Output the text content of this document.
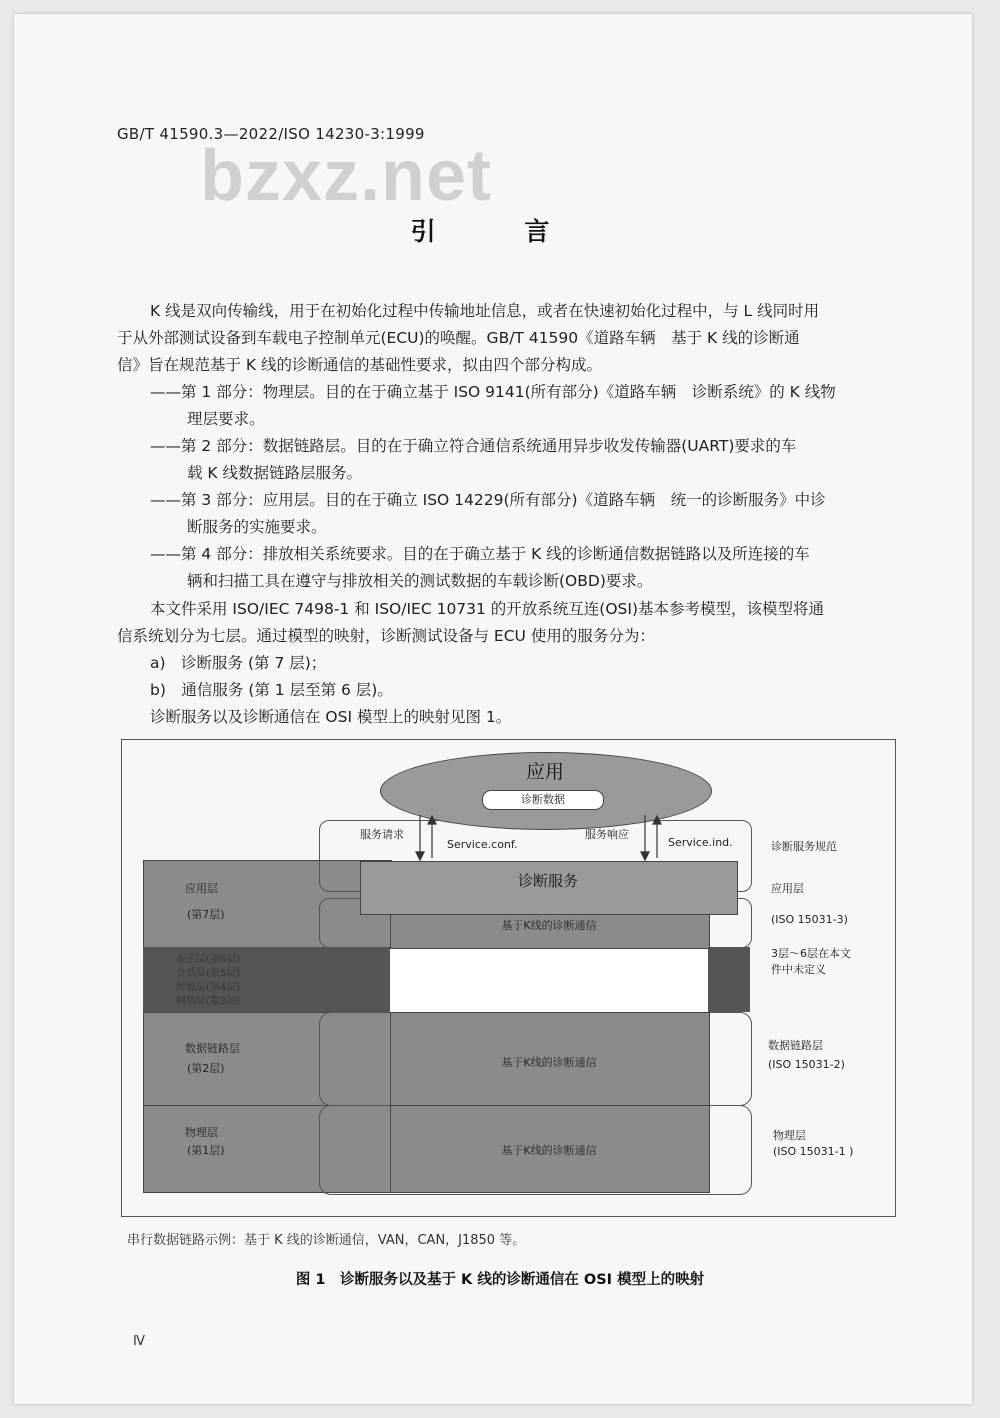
GB/T 41590.3—2022/ISO 14230-3:1999
bzxz.net
引 言
K 线是双向传输线，用于在初始化过程中传输地址信息，或者在快速初始化过程中，与 L 线同时用
于从外部测试设备到车载电子控制单元(ECU)的唤醒。GB/T 41590《道路车辆　基于 K 线的诊断通
信》旨在规范基于 K 线的诊断通信的基础性要求，拟由四个部分构成。
——第 1 部分：物理层。目的在于确立基于 ISO 9141(所有部分)《道路车辆　诊断系统》的 K 线物
理层要求。
——第 2 部分：数据链路层。目的在于确立符合通信系统通用异步收发传输器(UART)要求的车
载 K 线数据链路层服务。
——第 3 部分：应用层。目的在于确立 ISO 14229(所有部分)《道路车辆　统一的诊断服务》中诊
断服务的实施要求。
——第 4 部分：排放相关系统要求。目的在于确立基于 K 线的诊断通信数据链路以及所连接的车
辆和扫描工具在遵守与排放相关的测试数据的车载诊断(OBD)要求。
本文件采用 ISO/IEC 7498-1 和 ISO/IEC 10731 的开放系统互连(OSI)基本参考模型，该模型将通
信系统划分为七层。通过模型的映射，诊断测试设备与 ECU 使用的服务分为：
a)　诊断服务 (第 7 层)；
b)　通信服务 (第 1 层至第 6 层)。
诊断服务以及诊断通信在 OSI 模型上的映射见图 1。
诊断服务
应用
诊断数据
服务请求
Service.conf.
服务响应
Service.ind.
基于K线的诊断通信
基于K线的诊断通信
基于K线的诊断通信
应用层
(第7层)
表示层(第6层)
会话层(第5层)
传输层(第4层)
网络层(第3层)
数据链路层
(第2层)
物理层
(第1层)
诊断服务规范
应用层
(ISO 15031-3)
3层～6层在本文
件中未定义
数据链路层
(ISO 15031-2)
物理层
(ISO 15031-1 )
串行数据链路示例：基于 K 线的诊断通信，VAN，CAN，J1850 等。
图 1　诊断服务以及基于 K 线的诊断通信在 OSI 模型上的映射
Ⅳ
